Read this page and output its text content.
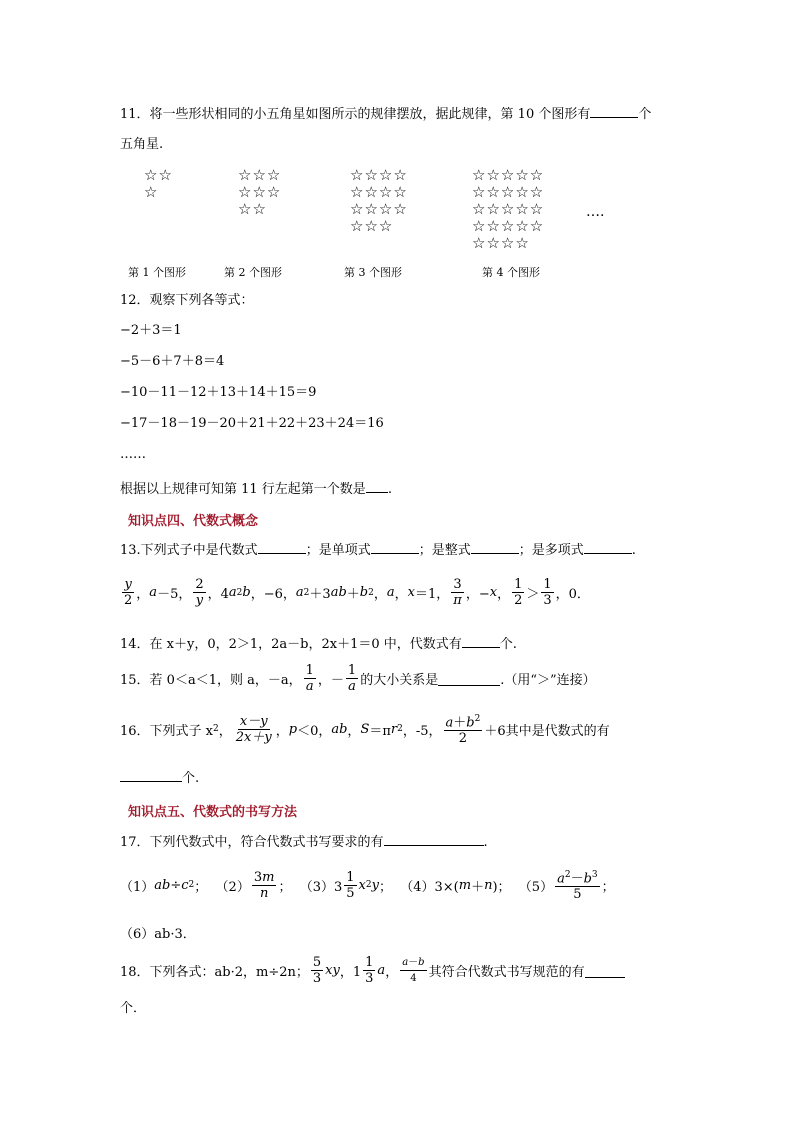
11．将一些形状相同的小五角星如图所示的规律摆放，据此规律，第 10 个图形有	个
五角星.
☆☆
☆
☆☆☆
☆☆☆
☆☆
☆☆☆☆
☆☆☆☆
☆☆☆☆
☆☆☆
☆☆☆☆☆
☆☆☆☆☆
☆☆☆☆☆
☆☆☆☆☆
☆☆☆☆
….
第 1 个图形	第 2 个图形	第 3 个图形	第 4 个图形
12．观察下列各等式：
−2＋3＝1
−5－6＋7＋8＝4
−10－11－12＋13＋14＋15＝9
−17－18－19－20＋21＋22＋23＋24＝16
……
根据以上规律可知第 11 行左起第一个数是 .
知识点四、代数式概念
13.下列式子中是代数式	；是单项式	；是整式	；是多项式	.
$\frac{y}{2}$ ， a －5， $\frac{2}{y}$ ，4 a 2 b ，−6， a 2 ＋3 ab ＋ b 2 ， a ， x ＝1， $\frac{3}{\pi}$ ，− x ， $\frac{1}{2} > \frac{1}{3}$ ，0．
14．在 x＋y，0，2＞1，2a－b，2x＋1＝0 中，代数式有	个.
15．若 0＜a＜1，则 a，－a， $\frac{1}{a}$ ，－ $\frac{1}{a}$ 的大小关系是	.（用“＞”连接）
16．下列式子 x 2 ， $\frac{x-y}{2x+y}$ ， p ＜0， ab ， S ＝π r 2 ，-5， $\frac{a+b^2}{2} +6$ 其中是代数式的有
个.
知识点五、代数式的书写方法
17．下列代数式中，符合代数式书写要求的有	.
（1） ab ÷ c 2 ；  $(2) \frac{3m}{n}$ ；  $(3)3 \frac{1}{5}$ x 2 y ；  （4）3×( m ＋ n )；  $(5) \frac{a^2-b^3}{5}$ ；
（6）ab·3．
18．下列各式：ab·2，m÷2n； $\frac{5}{3}$ xy ，$1 \frac{1}{3}$ a ， $\frac{a-b}{4}$ 其符合代数式书写规范的有
个．
